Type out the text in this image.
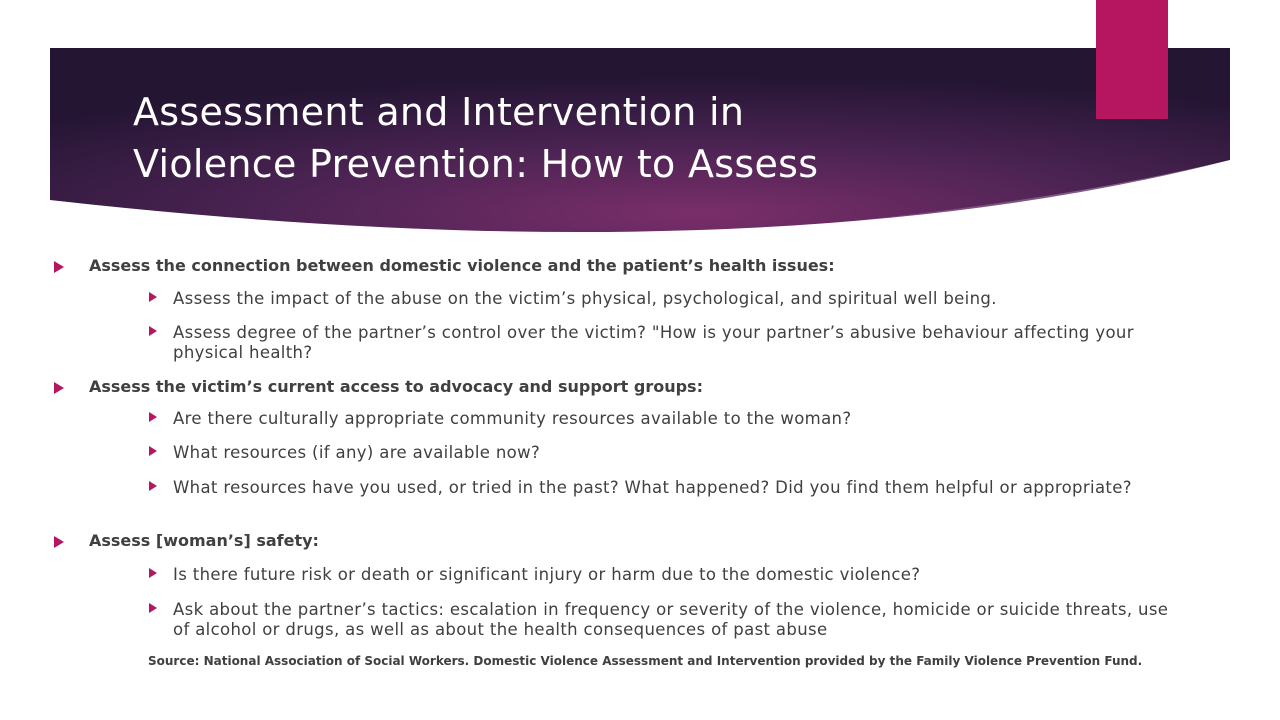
Assessment and Intervention in
Violence Prevention: How to Assess
Assess the connection between domestic violence and the patient’s health issues:
Assess the impact of the abuse on the victim’s physical, psychological, and spiritual well being.
Assess degree of the partner’s control over the victim? "How is your partner’s abusive behaviour affecting your physical health?
Assess the victim’s current access to advocacy and support groups:
Are there culturally appropriate community resources available to the woman?
What resources (if any) are available now?
What resources have you used, or tried in the past? What happened? Did you find them helpful or appropriate?
Assess [woman’s] safety:
Is there future risk or death or significant injury or harm due to the domestic violence?
Ask about the partner’s tactics: escalation in frequency or severity of the violence, homicide or suicide threats, use of alcohol or drugs, as well as about the health consequences of past abuse
Source: National Association of Social Workers. Domestic Violence Assessment and Intervention provided by the Family Violence Prevention Fund.
